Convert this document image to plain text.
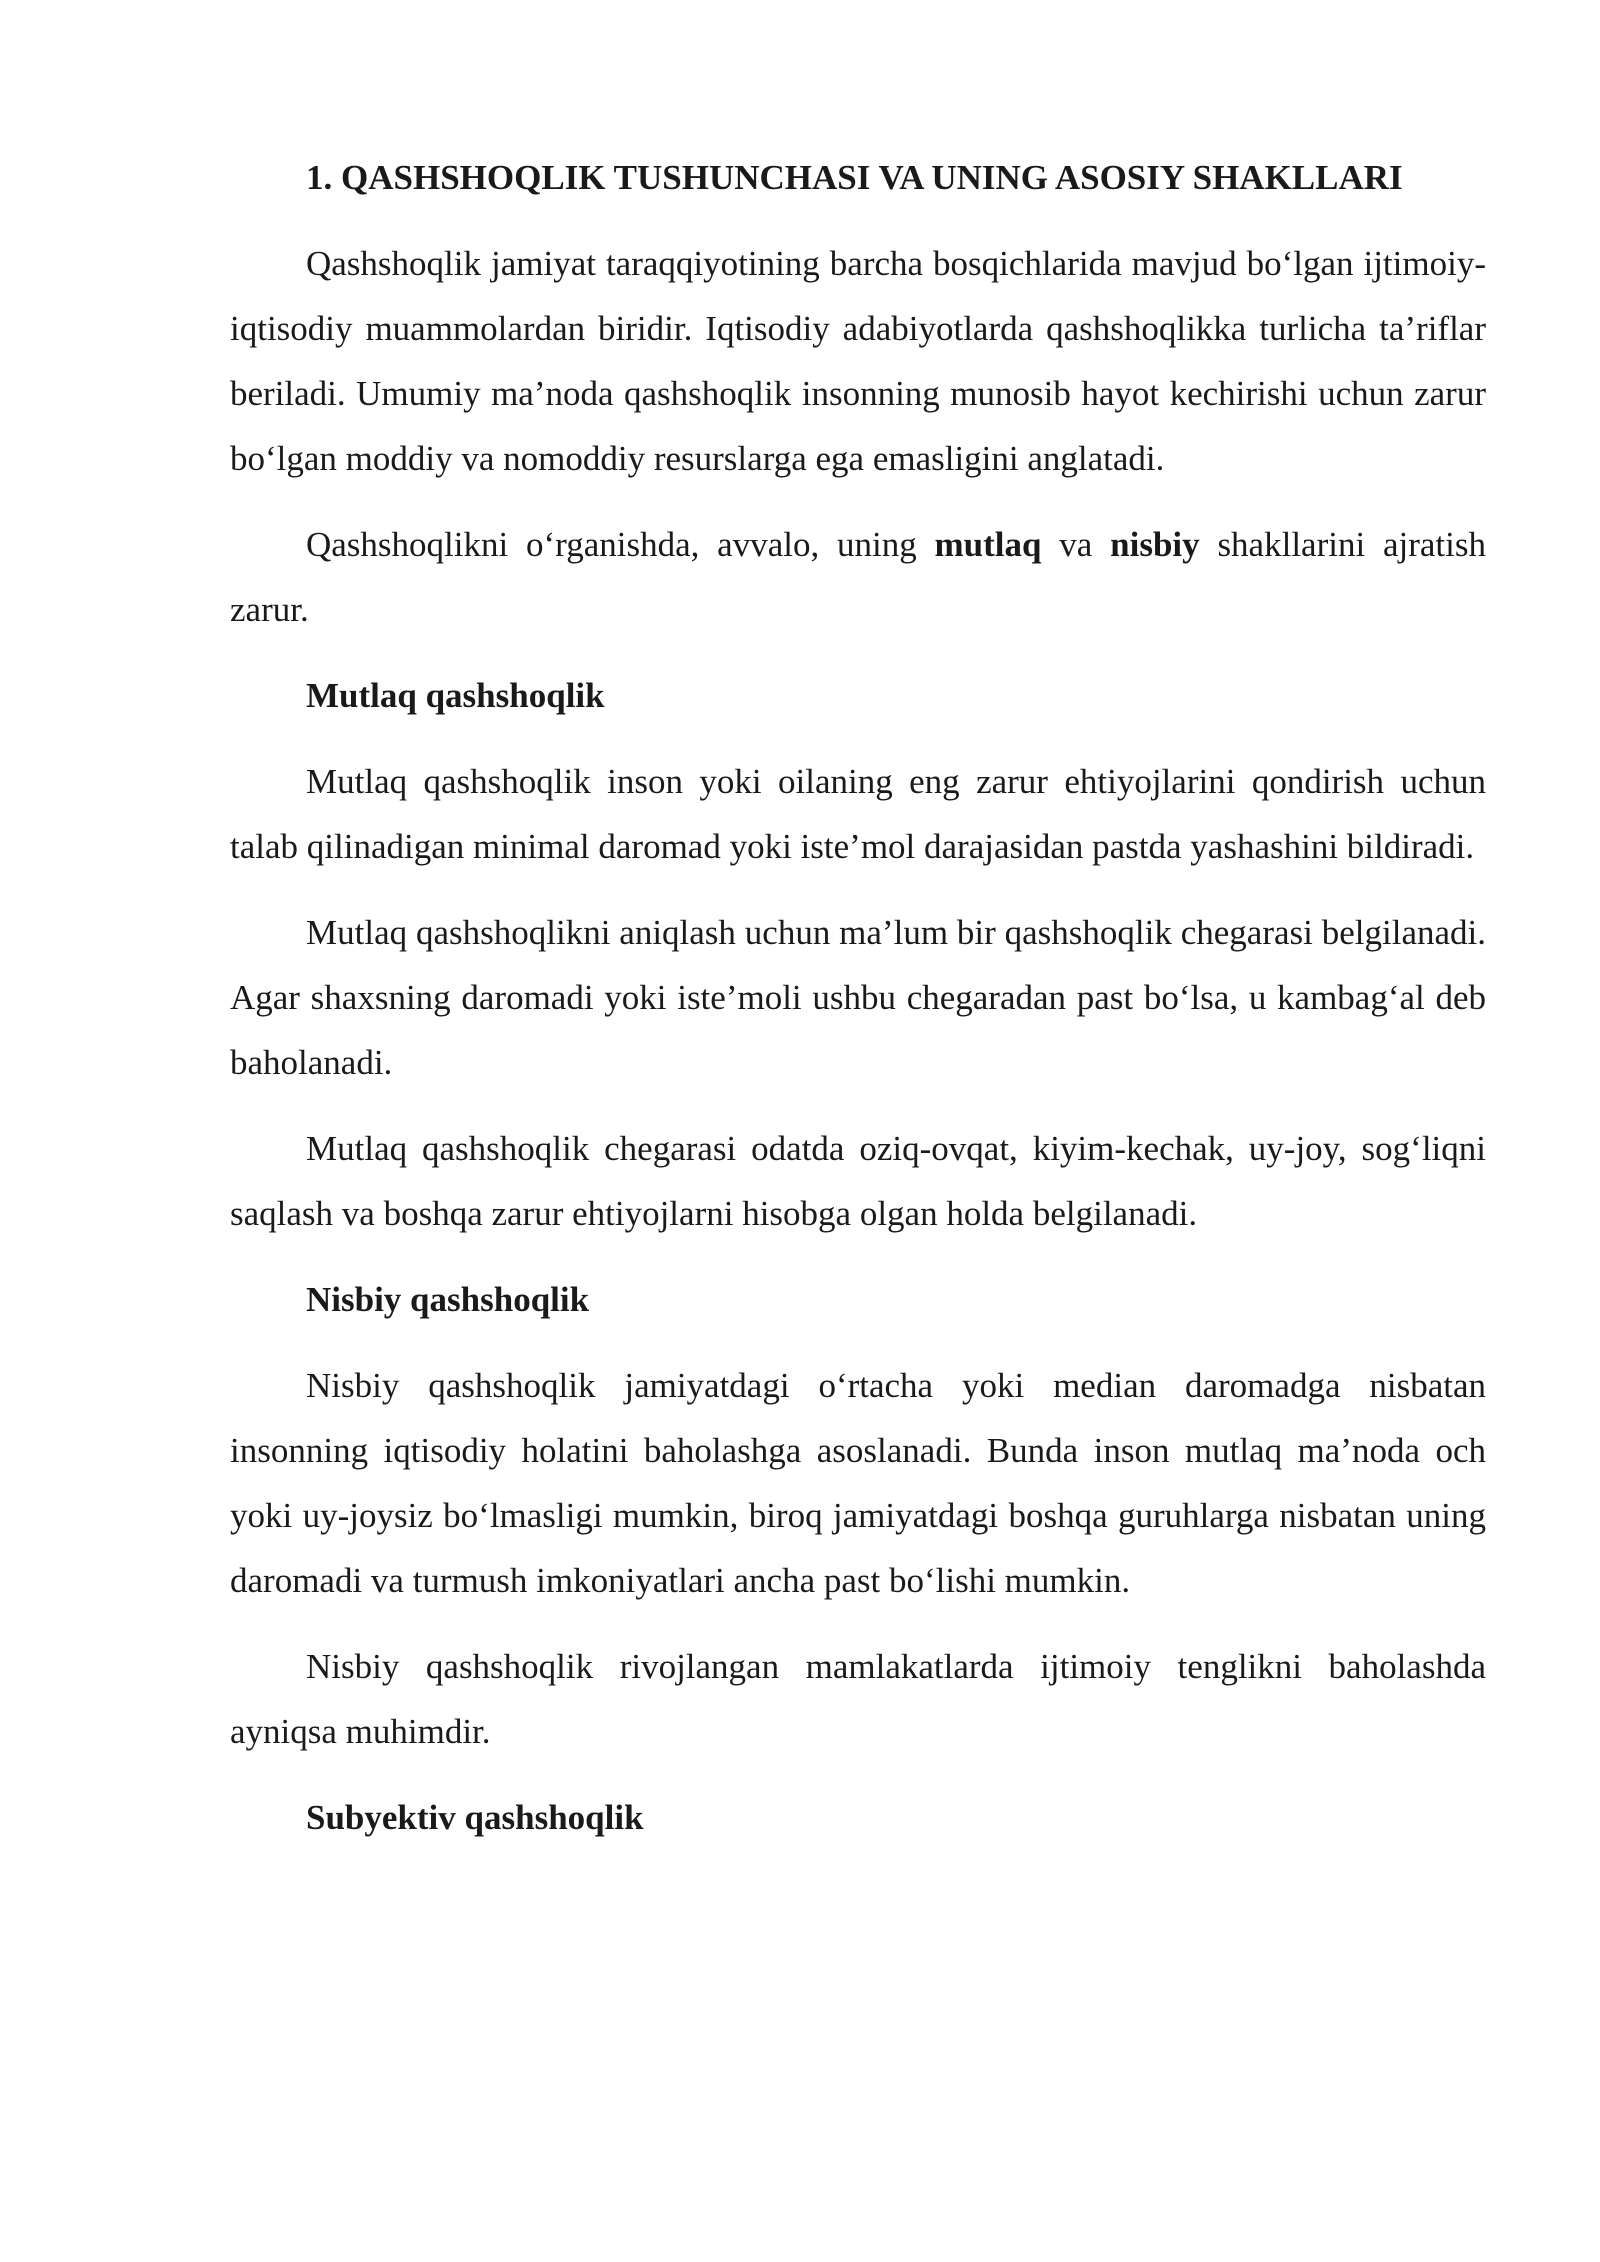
1. QASHSHOQLIK TUSHUNCHASI VA UNING ASOSIY SHAKLLARI

Qashshoqlik jamiyat taraqqiyotining barcha bosqichlarida mavjud bo‘lgan ijtimoiy-iqtisodiy muammolardan biridir. Iqtisodiy adabiyotlarda qashshoqlikka turlicha ta’riflar beriladi. Umumiy ma’noda qashshoqlik insonning munosib hayot kechirishi uchun zarur bo‘lgan moddiy va nomoddiy resurslarga ega emasligini anglatadi.

Qashshoqlikni o‘rganishda, avvalo, uning mutlaq va nisbiy shakllarini ajratish zarur.

Mutlaq qashshoqlik

Mutlaq qashshoqlik inson yoki oilaning eng zarur ehtiyojlarini qondirish uchun talab qilinadigan minimal daromad yoki iste’mol darajasidan pastda yashashini bildiradi.

Mutlaq qashshoqlikni aniqlash uchun ma’lum bir qashshoqlik chegarasi belgilanadi. Agar shaxsning daromadi yoki iste’moli ushbu chegaradan past bo‘lsa, u kambag‘al deb baholanadi.

Mutlaq qashshoqlik chegarasi odatda oziq-ovqat, kiyim-kechak, uy-joy, sog‘liqni saqlash va boshqa zarur ehtiyojlarni hisobga olgan holda belgilanadi.

Nisbiy qashshoqlik

Nisbiy qashshoqlik jamiyatdagi o‘rtacha yoki median daromadga nisbatan insonning iqtisodiy holatini baholashga asoslanadi. Bunda inson mutlaq ma’noda och yoki uy-joysiz bo‘lmasligi mumkin, biroq jamiyatdagi boshqa guruhlarga nisbatan uning daromadi va turmush imkoniyatlari ancha past bo‘lishi mumkin.

Nisbiy qashshoqlik rivojlangan mamlakatlarda ijtimoiy tenglikni baholashda ayniqsa muhimdir.

Subyektiv qashshoqlik
